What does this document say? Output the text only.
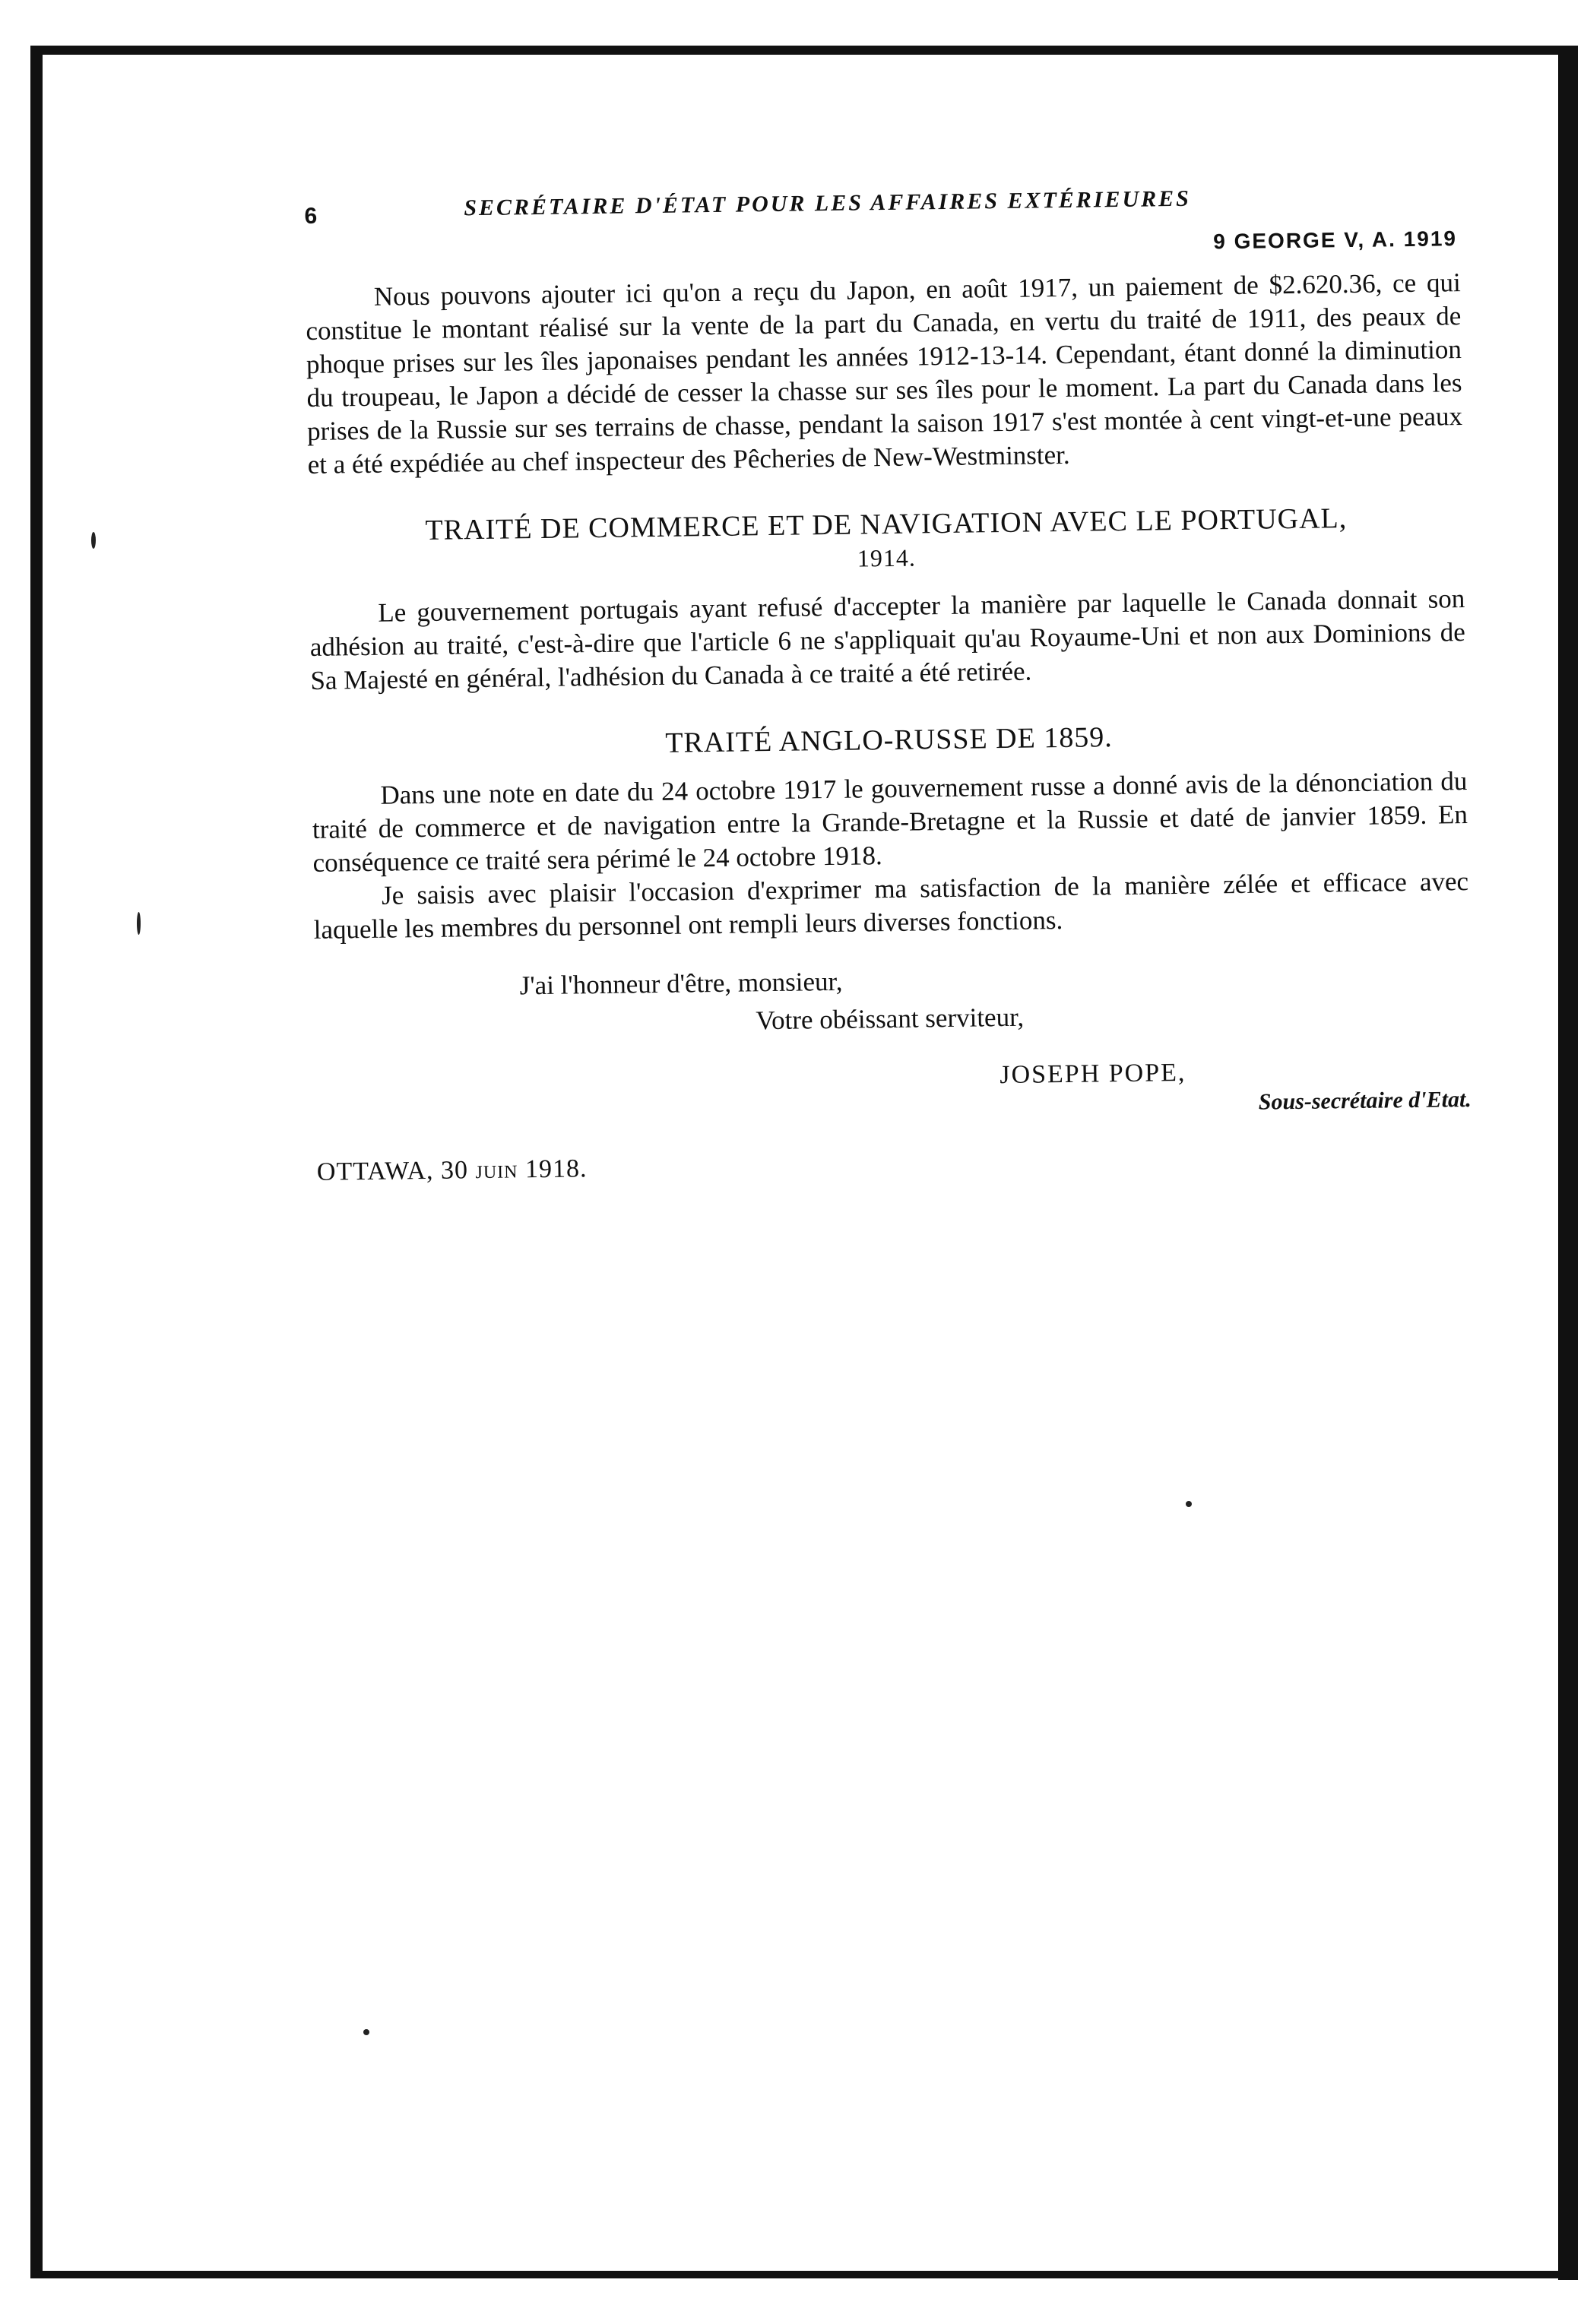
6	SECRÉTAIRE D'ÉTAT POUR LES AFFAIRES EXTÉRIEURES
9 GEORGE V, A. 1919

Nous pouvons ajouter ici qu'on a reçu du Japon, en août 1917, un paiement de $2.620.36, ce qui constitue le montant réalisé sur la vente de la part du Canada, en vertu du traité de 1911, des peaux de phoque prises sur les îles japonaises pendant les années 1912-13-14. Cependant, étant donné la diminution du troupeau, le Japon a décidé de cesser la chasse sur ses îles pour le moment. La part du Canada dans les prises de la Russie sur ses terrains de chasse, pendant la saison 1917 s'est montée à cent vingt-et-une peaux et a été expédiée au chef inspecteur des Pêcheries de New-Westminster.

TRAITÉ DE COMMERCE ET DE NAVIGATION AVEC LE PORTUGAL,
1914.

Le gouvernement portugais ayant refusé d'accepter la manière par laquelle le Canada donnait son adhésion au traité, c'est-à-dire que l'article 6 ne s'appliquait qu'au Royaume-Uni et non aux Dominions de Sa Majesté en général, l'adhésion du Canada à ce traité a été retirée.

TRAITÉ ANGLO-RUSSE DE 1859.

Dans une note en date du 24 octobre 1917 le gouvernement russe a donné avis de la dénonciation du traité de commerce et de navigation entre la Grande-Bretagne et la Russie et daté de janvier 1859. En conséquence ce traité sera périmé le 24 octobre 1918.

Je saisis avec plaisir l'occasion d'exprimer ma satisfaction de la manière zélée et efficace avec laquelle les membres du personnel ont rempli leurs diverses fonctions.

J'ai l'honneur d'être, monsieur,
Votre obéissant serviteur,
JOSEPH POPE,
Sous-secrétaire d'Etat.
OTTAWA, 30 juin 1918.
